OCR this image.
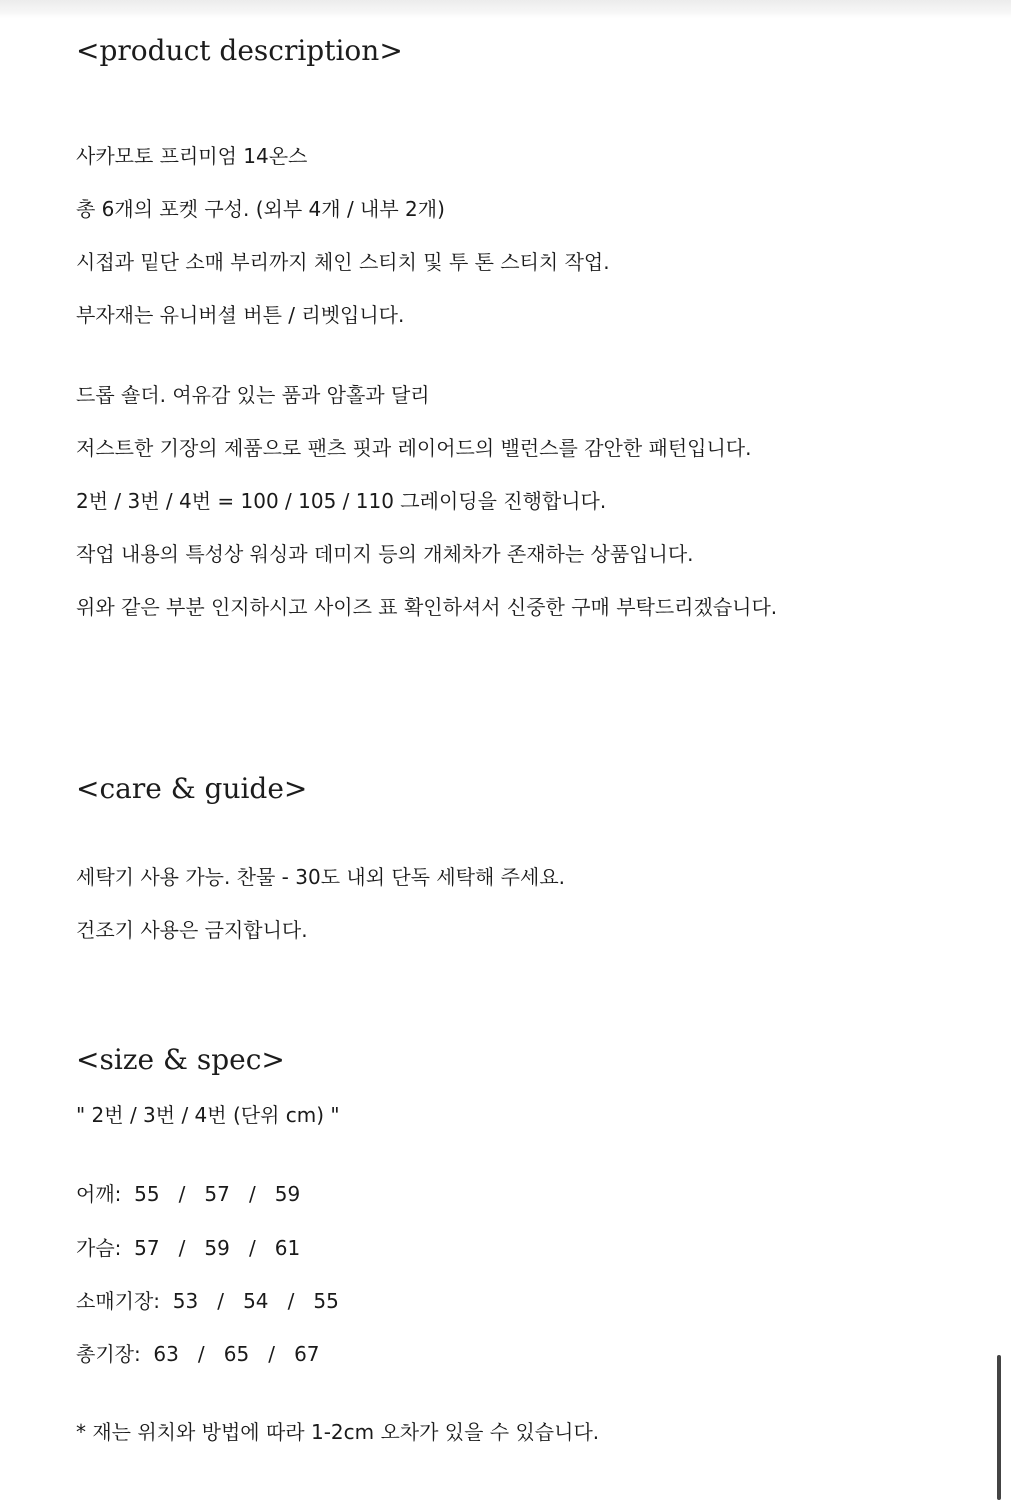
<product description>

사카모토 프리미엄 14온스

총 6개의 포켓 구성. (외부 4개 / 내부 2개)

시접과 밑단 소매 부리까지 체인 스티치 및 투 톤 스티치 작업.

부자재는 유니버셜 버튼 / 리벳입니다.

드롭 숄더. 여유감 있는 품과 암홀과 달리

저스트한 기장의 제품으로 팬츠 핏과 레이어드의 밸런스를 감안한 패턴입니다.

2번 / 3번 / 4번 = 100 / 105 / 110 그레이딩을 진행합니다.

작업 내용의 특성상 워싱과 데미지 등의 개체차가 존재하는 상품입니다.

위와 같은 부분 인지하시고 사이즈 표 확인하셔서 신중한 구매 부탁드리겠습니다.

<care & guide>

세탁기 사용 가능. 찬물 - 30도 내외 단독 세탁해 주세요.

건조기 사용은 금지합니다.

<size & spec>

" 2번 / 3번 / 4번 (단위 cm) "

어깨:  55   /   57   /   59

가슴:  57   /   59   /   61

소매기장:  53   /   54   /   55

총기장:  63   /   65   /   67

* 재는 위치와 방법에 따라 1-2cm 오차가 있을 수 있습니다.
